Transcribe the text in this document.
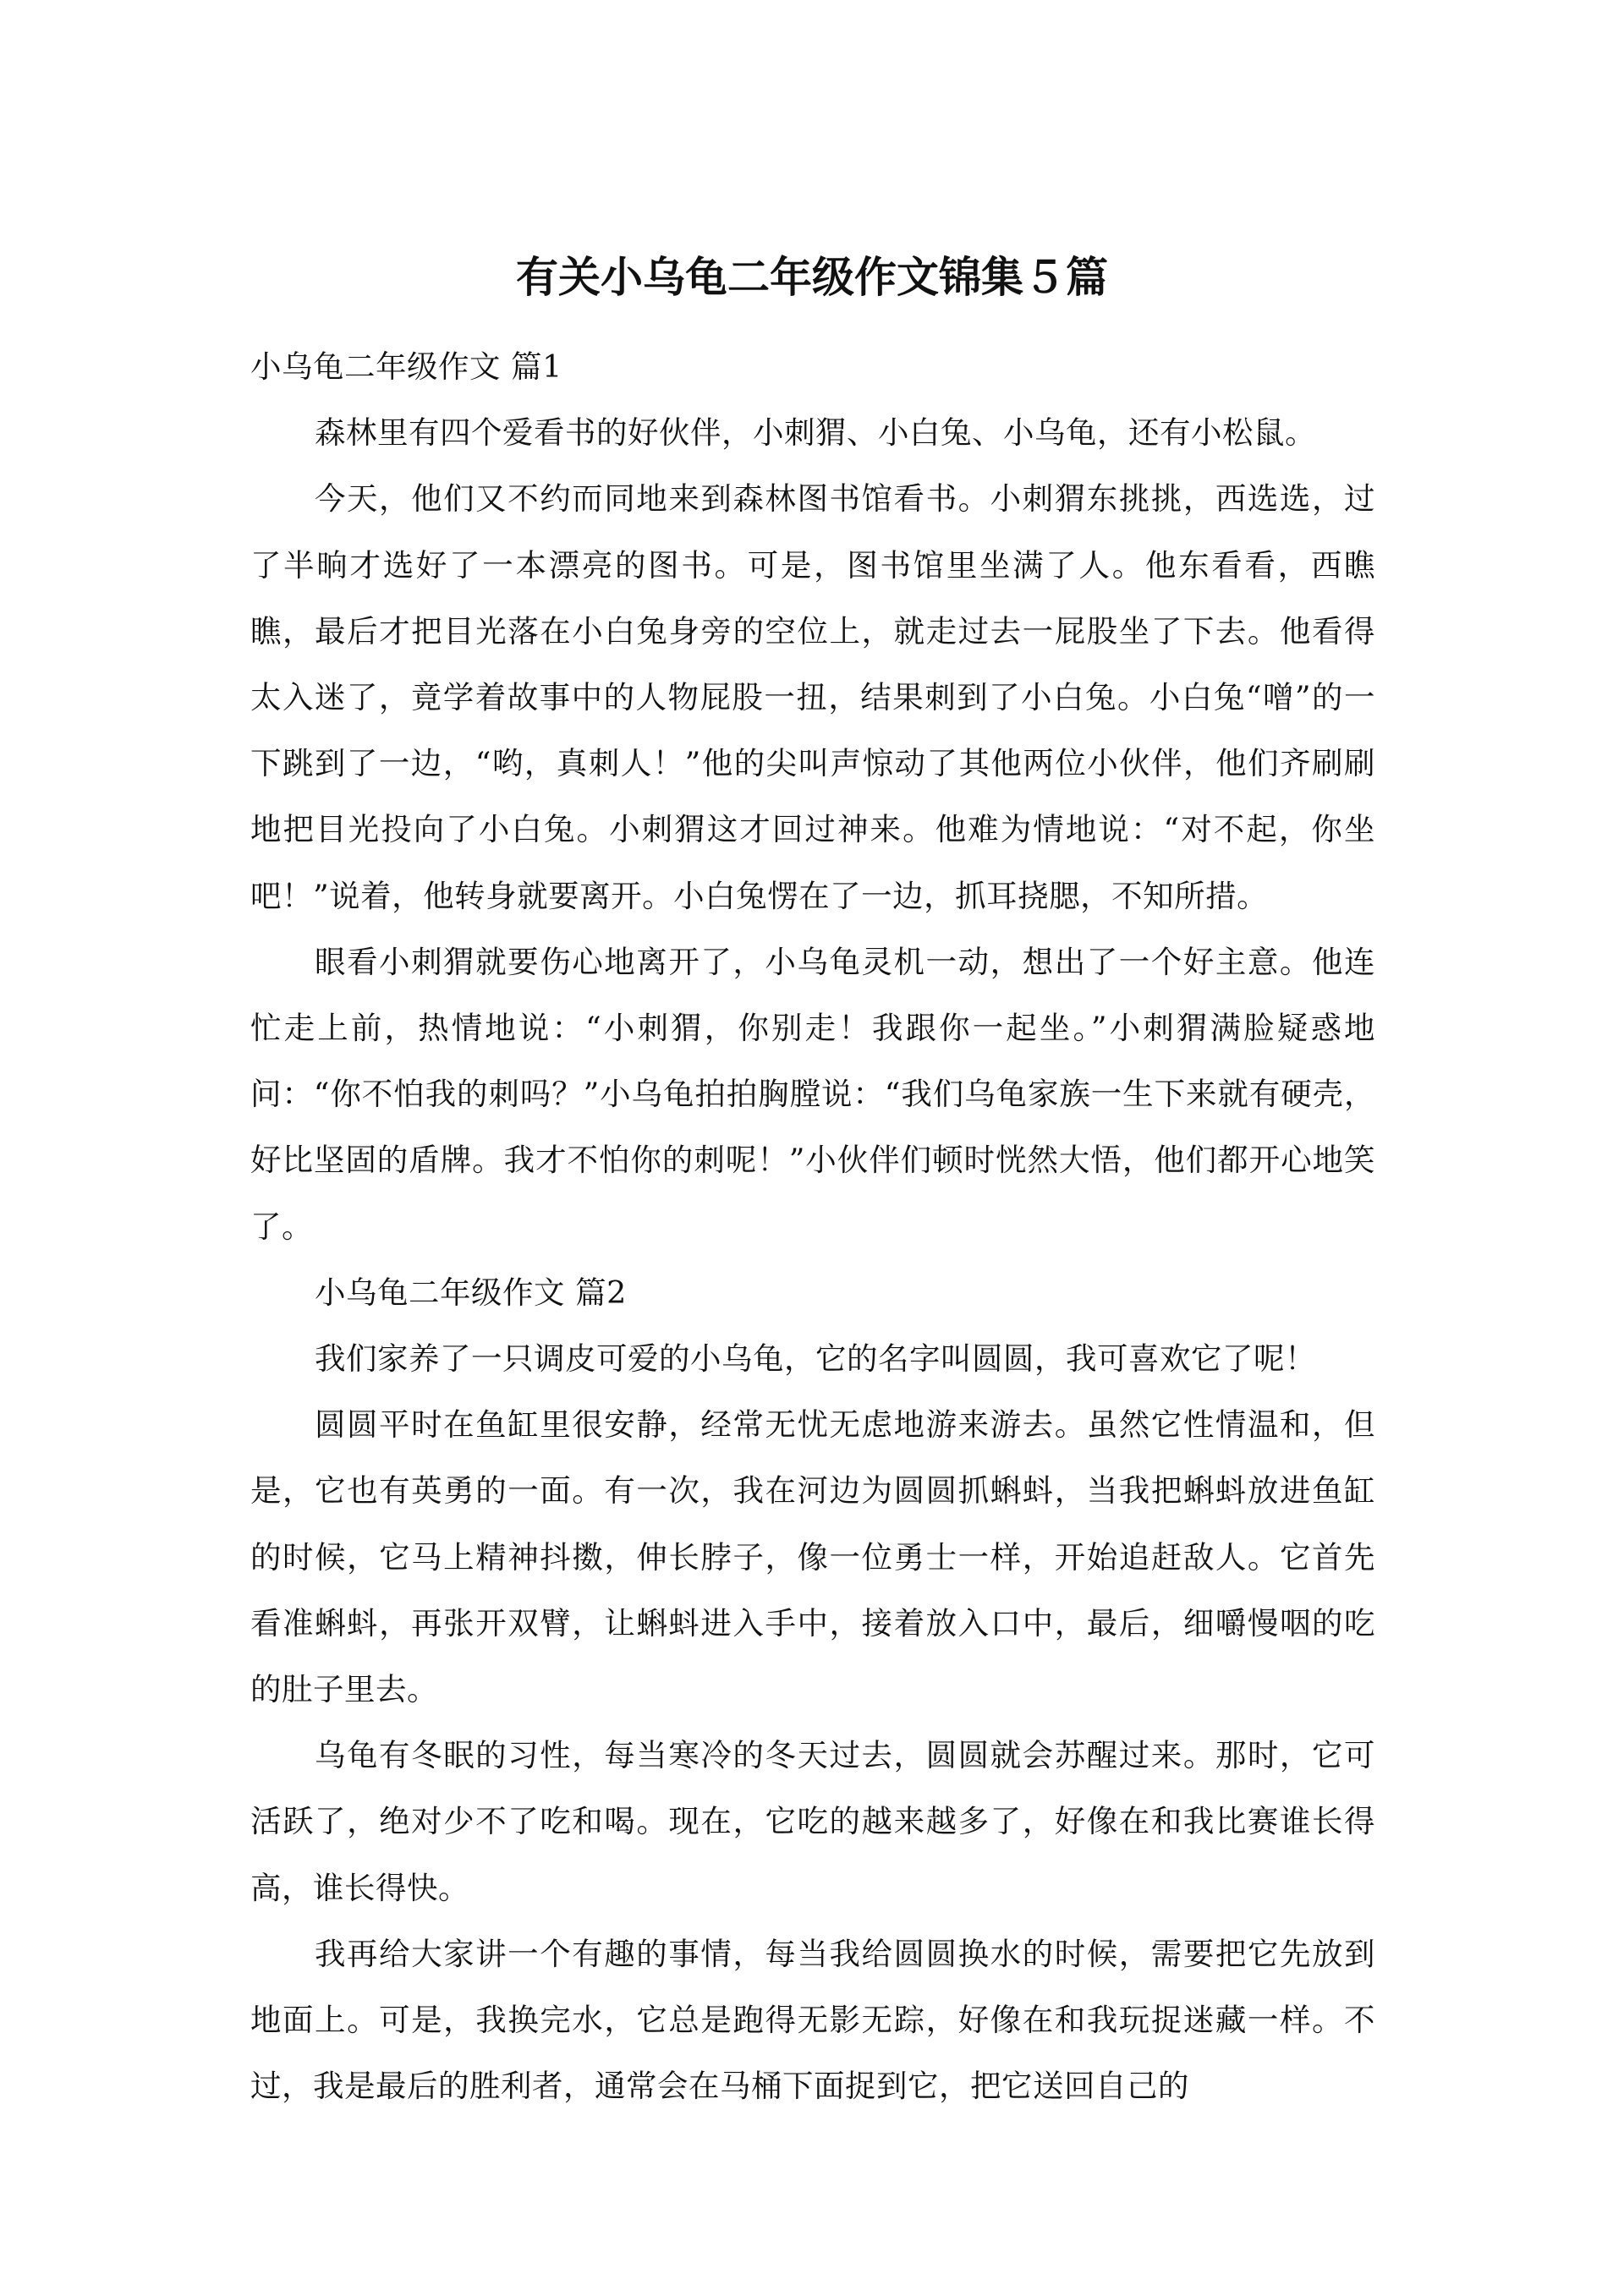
有关小乌龟二年级作文锦集５篇

小乌龟二年级作文 篇1

森林里有四个爱看书的好伙伴，小刺猬、小白兔、小乌龟，还有小松鼠。

今天，他们又不约而同地来到森林图书馆看书。小刺猬东挑挑，西选选，过了半晌才选好了一本漂亮的图书。可是，图书馆里坐满了人。他东看看，西瞧瞧，最后才把目光落在小白兔身旁的空位上，就走过去一屁股坐了下去。他看得太入迷了，竟学着故事中的人物屁股一扭，结果刺到了小白兔。小白兔“噌”的一下跳到了一边，“哟，真刺人！”他的尖叫声惊动了其他两位小伙伴，他们齐刷刷地把目光投向了小白兔。小刺猬这才回过神来。他难为情地说：“对不起，你坐吧！”说着，他转身就要离开。小白兔愣在了一边，抓耳挠腮，不知所措。

眼看小刺猬就要伤心地离开了，小乌龟灵机一动，想出了一个好主意。他连忙走上前，热情地说：“小刺猬，你别走！我跟你一起坐。”小刺猬满脸疑惑地问：“你不怕我的刺吗？”小乌龟拍拍胸膛说：“我们乌龟家族一生下来就有硬壳，好比坚固的盾牌。我才不怕你的刺呢！”小伙伴们顿时恍然大悟，他们都开心地笑了。

小乌龟二年级作文 篇2

我们家养了一只调皮可爱的小乌龟，它的名字叫圆圆，我可喜欢它了呢！

圆圆平时在鱼缸里很安静，经常无忧无虑地游来游去。虽然它性情温和，但是，它也有英勇的一面。有一次，我在河边为圆圆抓蝌蚪，当我把蝌蚪放进鱼缸的时候，它马上精神抖擞，伸长脖子，像一位勇士一样，开始追赶敌人。它首先看准蝌蚪，再张开双臂，让蝌蚪进入手中，接着放入口中，最后，细嚼慢咽的吃的肚子里去。

乌龟有冬眠的习性，每当寒冷的冬天过去，圆圆就会苏醒过来。那时，它可活跃了，绝对少不了吃和喝。现在，它吃的越来越多了，好像在和我比赛谁长得高，谁长得快。

我再给大家讲一个有趣的事情，每当我给圆圆换水的时候，需要把它先放到地面上。可是，我换完水，它总是跑得无影无踪，好像在和我玩捉迷藏一样。不过，我是最后的胜利者，通常会在马桶下面捉到它，把它送回自己的
